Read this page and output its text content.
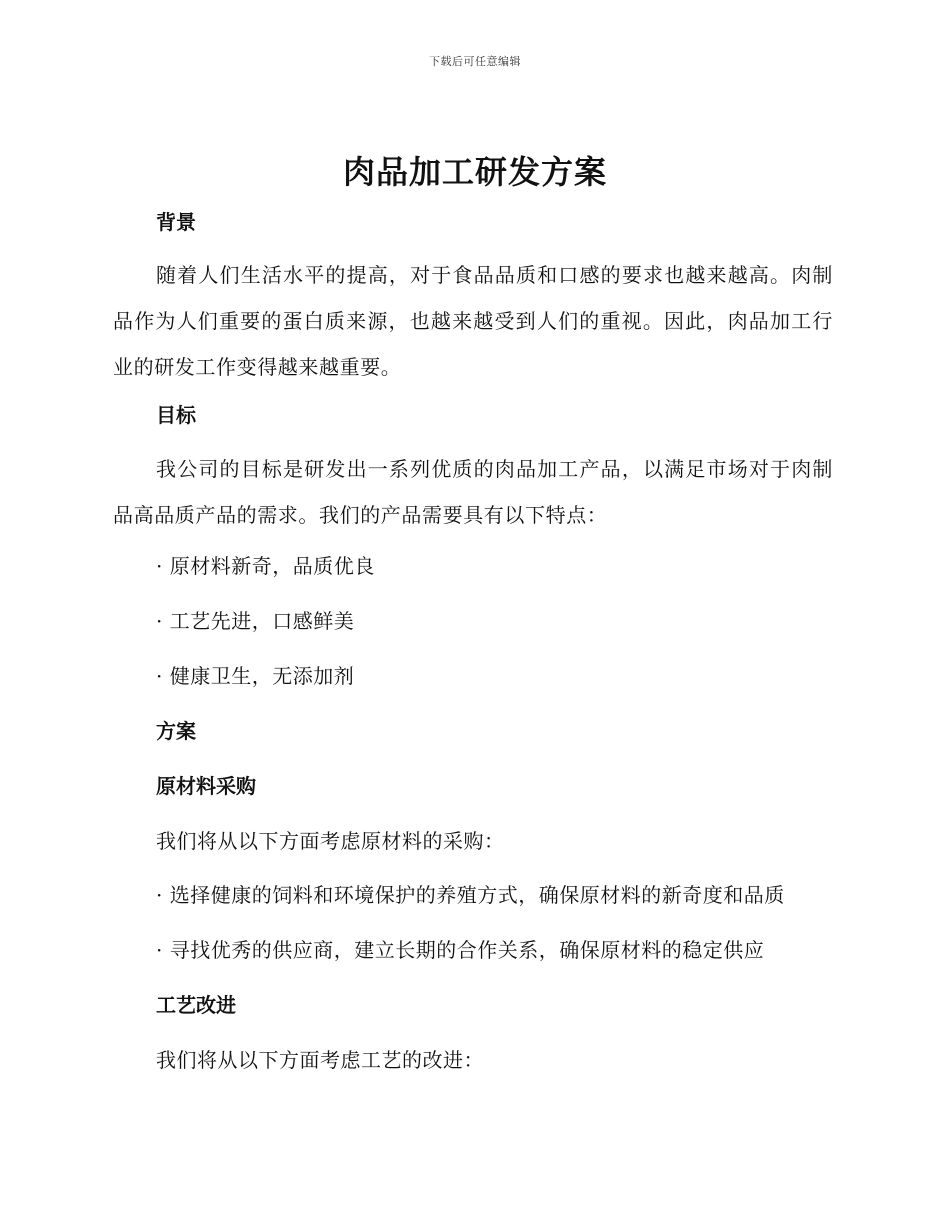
下载后可任意编辑
肉品加工研发方案
背景
随着人们生活水平的提高，对于食品品质和口感的要求也越来越高。肉制品作为人们重要的蛋白质来源，也越来越受到人们的重视。因此，肉品加工行业的研发工作变得越来越重要。
目标
我公司的目标是研发出一系列优质的肉品加工产品，以满足市场对于肉制品高品质产品的需求。我们的产品需要具有以下特点：
· 原材料新奇，品质优良
· 工艺先进，口感鲜美
· 健康卫生，无添加剂
方案
原材料采购
我们将从以下方面考虑原材料的采购：
· 选择健康的饲料和环境保护的养殖方式，确保原材料的新奇度和品质
· 寻找优秀的供应商，建立长期的合作关系，确保原材料的稳定供应
工艺改进
我们将从以下方面考虑工艺的改进：
